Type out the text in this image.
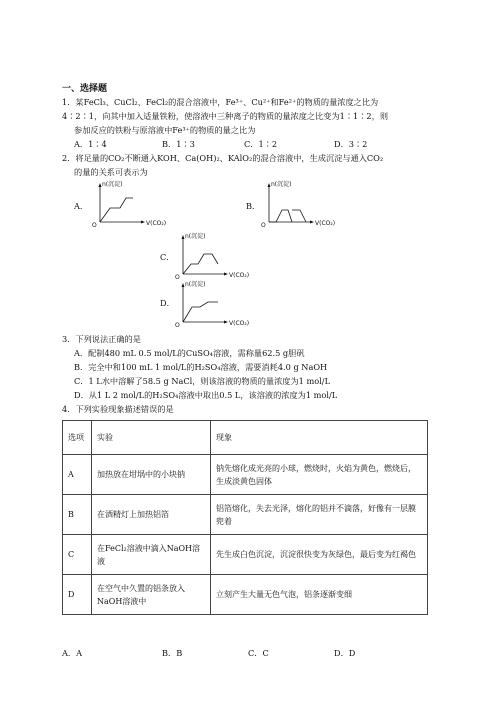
一、选择题
1．某FeCl₃、CuCl₂、FeCl₂的混合溶液中，Fe³⁺、Cu²⁺和Fe²⁺的物质的量浓度之比为
4∶2∶1，向其中加入适量铁粉，使溶液中三种离子的物质的量浓度之比变为1∶1∶2，则
参加反应的铁粉与原溶液中Fe³⁺的物质的量之比为
A．1∶4	B．1∶3	C．1∶2	D．3∶2
2．将足量的CO₂不断通入KOH、Ca(OH)₂、KAlO₂的混合溶液中，生成沉淀与通入CO₂
的量的关系可表示为
A．	B．
C．
D．
n(沉淀)
V(CO₂)
O
n(沉淀)
V(CO₂)
O
n(沉淀)
V(CO₂)
O
n(沉淀)
V(CO₂)
O
3．下列说法正确的是
A．配制480 mL 0.5 mol/L的CuSO₄溶液，需称量62.5 g胆矾
B．完全中和100 mL 1 mol/L的H₂SO₄溶液，需要消耗4.0 g NaOH
C．1 L水中溶解了58.5 g NaCl，则该溶液的物质的量浓度为1 mol/L
D．从1 L 2 mol/L的H₂SO₄溶液中取出0.5 L，该溶液的浓度为1 mol/L
4．下列实验现象描述错误的是
选项	实验	现象
A	加热放在坩埚中的小块钠	钠先熔化成光亮的小球，燃烧时，火焰为黄色，燃烧后，生成淡黄色固体
B	在酒精灯上加热铝箔	铝箔熔化，失去光泽，熔化的铝并不滴落，好像有一层膜兜着
C	在FeCl₂溶液中滴入NaOH溶液	先生成白色沉淀，沉淀很快变为灰绿色，最后变为红褐色
D	在空气中久置的铝条放入NaOH溶液中	立刻产生大量无色气泡，铝条逐渐变细
A．A	B．B	C．C	D．D
